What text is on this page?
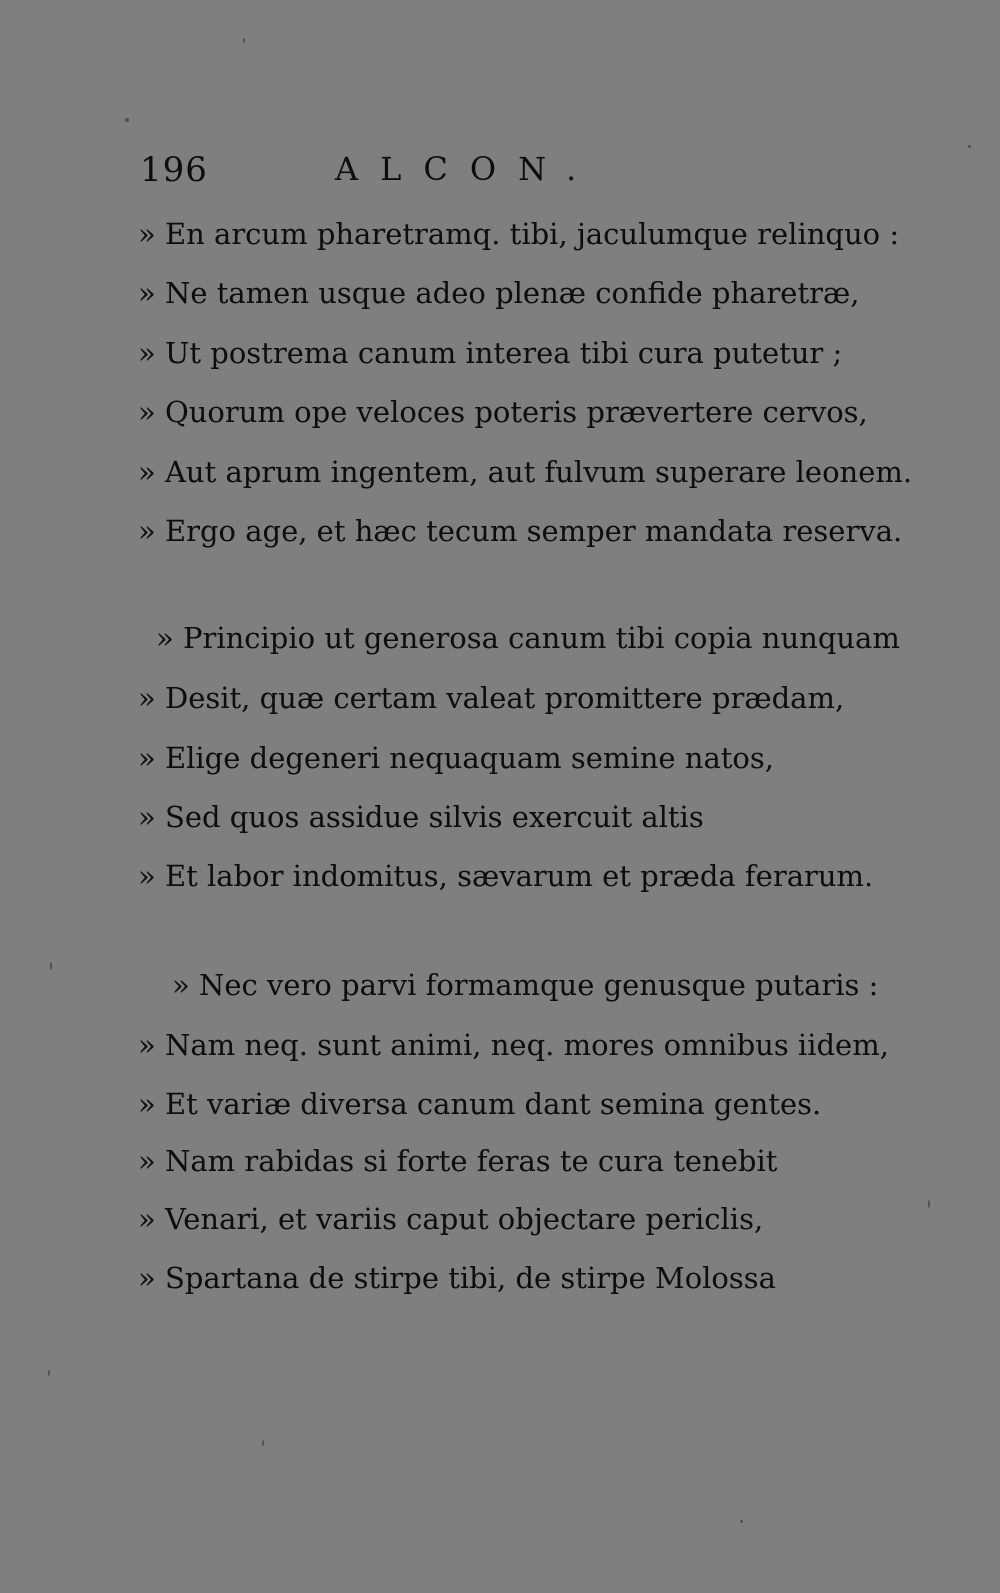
196	ALCON.
» En arcum pharetramq. tibi, jaculumque relinquo :
» Ne tamen usque adeo plenæ confide pharetræ,
» Ut postrema canum interea tibi cura putetur ;
» Quorum ope veloces poteris prævertere cervos,
» Aut aprum ingentem, aut fulvum superare leonem.
» Ergo age, et hæc tecum semper mandata reserva.
» Principio ut generosa canum tibi copia nunquam
» Desit, quæ certam valeat promittere prædam,
» Elige degeneri nequaquam semine natos,
» Sed quos assidue silvis exercuit altis
» Et labor indomitus, sævarum et præda ferarum.
» Nec vero parvi formamque genusque putaris :
» Nam neq. sunt animi, neq. mores omnibus iidem,
» Et variæ diversa canum dant semina gentes.
» Nam rabidas si forte feras te cura tenebit
» Venari, et variis caput objectare periclis,
» Spartana de stirpe tibi, de stirpe Molossa
